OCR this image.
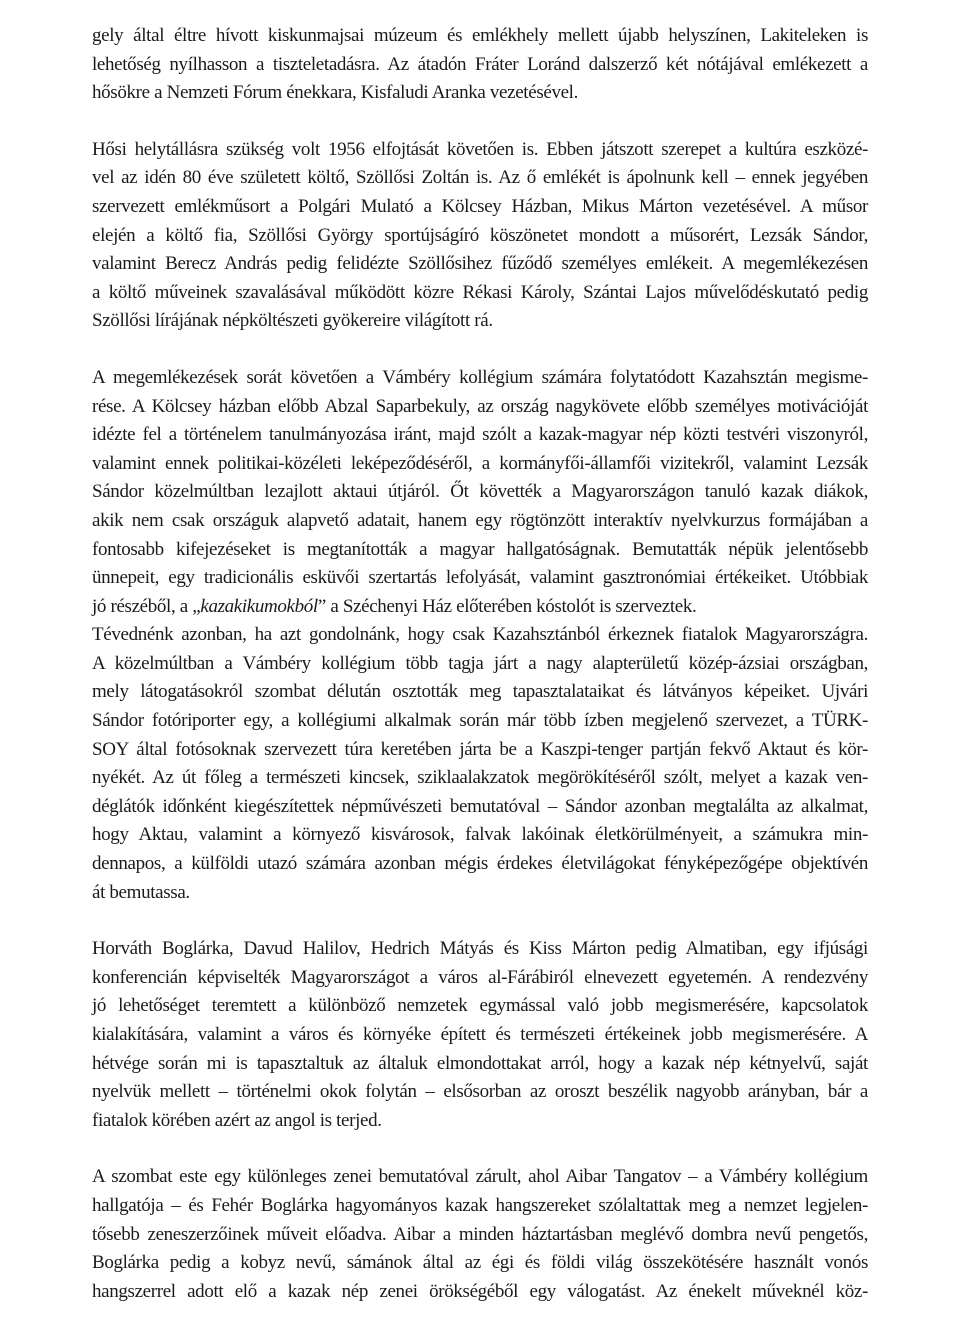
gely által éltre hívott kiskunmajsai múzeum és emlékhely mellett újabb helyszínen, Lakiteleken is
lehetőség nyílhasson a tiszteletadásra. Az átadón Fráter Loránd dalszerző két nótájával emlékezett a
hősökre a Nemzeti Fórum énekkara, Kisfaludi Aranka vezetésével.

Hősi helytállásra szükség volt 1956 elfojtását követően is. Ebben játszott szerepet a kultúra eszközé-
vel az idén 80 éve született költő, Szöllősi Zoltán is. Az ő emlékét is ápolnunk kell – ennek jegyében
szervezett emlékműsort a Polgári Mulató a Kölcsey Házban, Mikus Márton vezetésével. A műsor
elején a költő fia, Szöllősi György sportújságíró köszönetet mondott a műsorért, Lezsák Sándor,
valamint Berecz András pedig felidézte Szöllősihez fűződő személyes emlékeit. A megemlékezésen
a költő műveinek szavalásával működött közre Rékasi Károly, Szántai Lajos művelődéskutató pedig
Szöllősi lírájának népköltészeti gyökereire világított rá.

A megemlékezések sorát követően a Vámbéry kollégium számára folytatódott Kazahsztán megisme-
rése. A Kölcsey házban előbb Abzal Saparbekuly, az ország nagykövete előbb személyes motivációját
idézte fel a történelem tanulmányozása iránt, majd szólt a kazak-magyar nép közti testvéri viszonyról,
valamint ennek politikai-közéleti leképeződéséről, a kormányfői-államfői vizitekről, valamint Lezsák
Sándor közelmúltban lezajlott aktaui útjáról. Őt követték a Magyarországon tanuló kazak diákok,
akik nem csak országuk alapvető adatait, hanem egy rögtönzött interaktív nyelvkurzus formájában a
fontosabb kifejezéseket is megtanították a magyar hallgatóságnak. Bemutatták népük jelentősebb
ünnepeit, egy tradicionális esküvői szertartás lefolyását, valamint gasztronómiai értékeiket. Utóbbiak
jó részéből, a „kazakikumokból” a Széchenyi Ház előterében kóstolót is szerveztek.

Tévednénk azonban, ha azt gondolnánk, hogy csak Kazahsztánból érkeznek fiatalok Magyarországra.
A közelmúltban a Vámbéry kollégium több tagja járt a nagy alapterületű közép-ázsiai országban,
mely látogatásokról szombat délután osztották meg tapasztalataikat és látványos képeiket. Ujvári
Sándor fotóriporter egy, a kollégiumi alkalmak során már több ízben megjelenő szervezet, a TÜRK-
SOY által fotósoknak szervezett túra keretében járta be a Kaszpi-tenger partján fekvő Aktaut és kör-
nyékét. Az út főleg a természeti kincsek, sziklaalakzatok megörökítéséről szólt, melyet a kazak ven-
déglátók időnként kiegészítettek népművészeti bemutatóval – Sándor azonban megtalálta az alkalmat,
hogy Aktau, valamint a környező kisvárosok, falvak lakóinak életkörülményeit, a számukra min-
dennapos, a külföldi utazó számára azonban mégis érdekes életvilágokat fényképezőgépe objektívén
át bemutassa.

Horváth Boglárka, Davud Halilov, Hedrich Mátyás és Kiss Márton pedig Almatiban, egy ifjúsági
konferencián képviselték Magyarországot a város al-Fárábiról elnevezett egyetemén. A rendezvény
jó lehetőséget teremtett a különböző nemzetek egymással való jobb megismerésére, kapcsolatok
kialakítására, valamint a város és környéke épített és természeti értékeinek jobb megismerésére. A
hétvége során mi is tapasztaltuk az általuk elmondottakat arról, hogy a kazak nép kétnyelvű, saját
nyelvük mellett – történelmi okok folytán – elsősorban az oroszt beszélik nagyobb arányban, bár a
fiatalok körében azért az angol is terjed.

A szombat este egy különleges zenei bemutatóval zárult, ahol Aibar Tangatov – a Vámbéry kollégium
hallgatója – és Fehér Boglárka hagyományos kazak hangszereket szólaltattak meg a nemzet legjelen-
tősebb zeneszerzőinek műveit előadva. Aibar a minden háztartásban meglévő dombra nevű pengetős,
Boglárka pedig a kobyz nevű, sámánok által az égi és földi világ összekötésére használt vonós
hangszerrel adott elő a kazak nép zenei örökségéből egy válogatást. Az énekelt műveknél köz-
